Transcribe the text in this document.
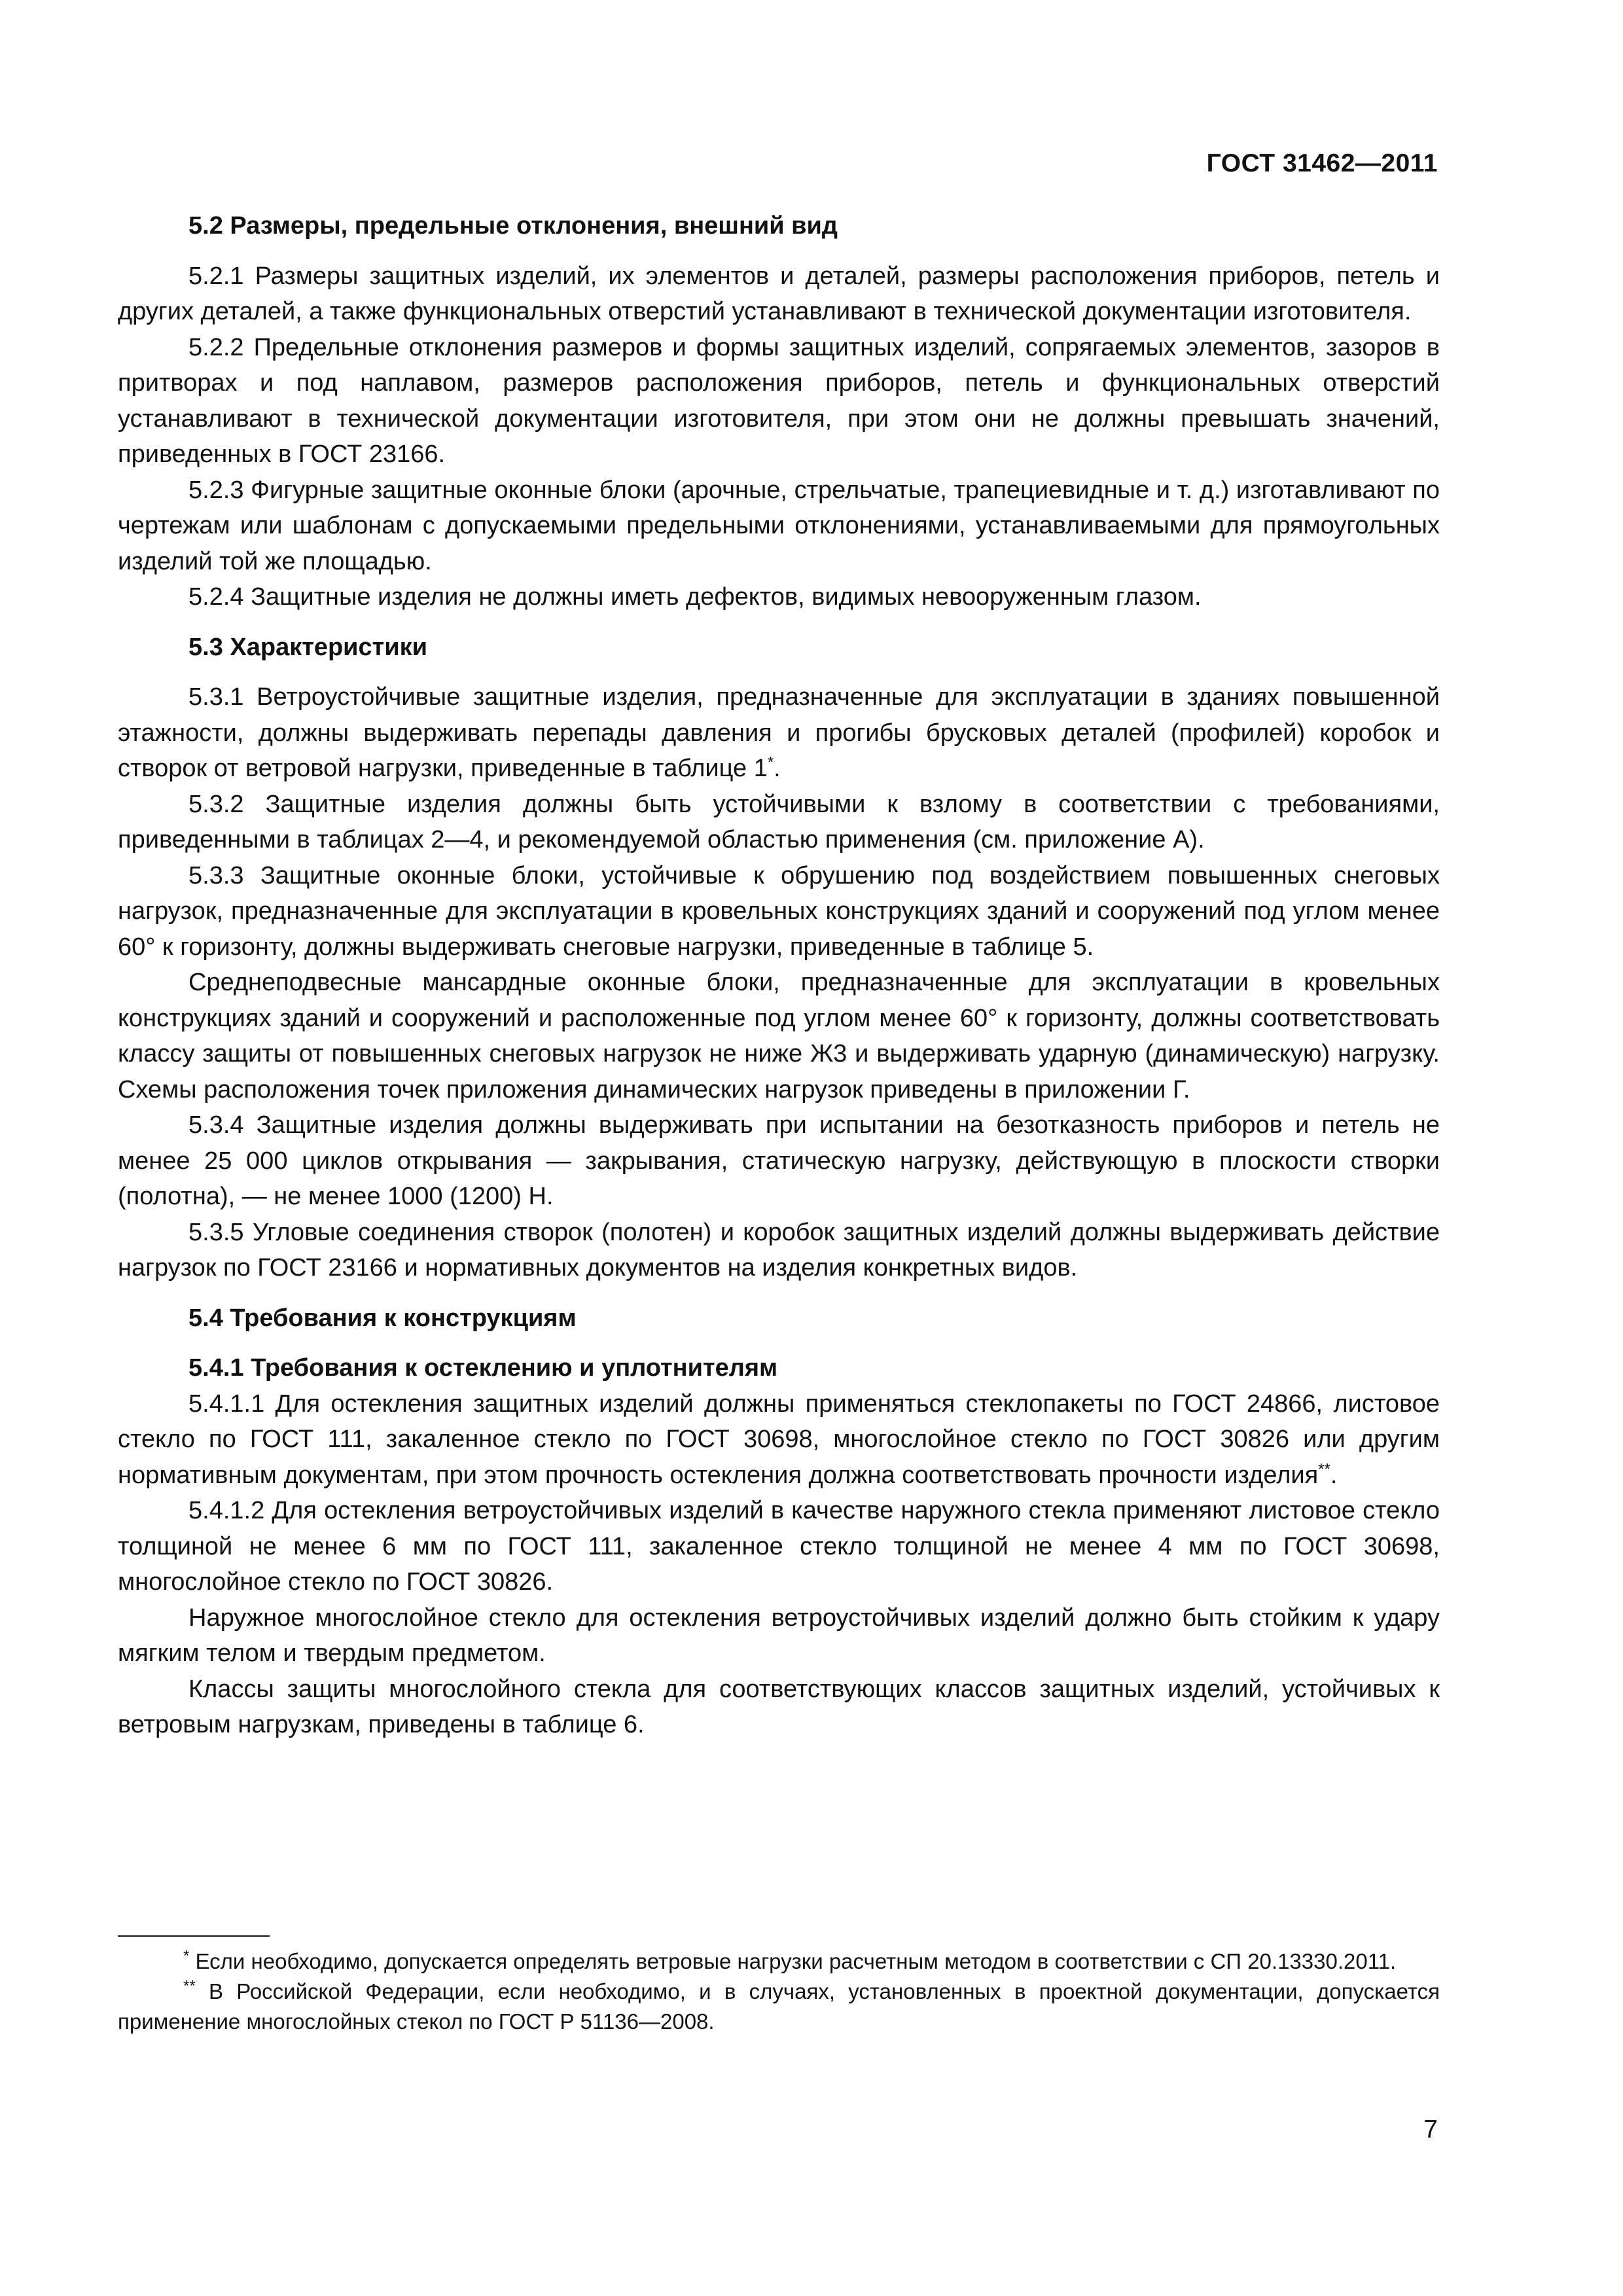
ГОСТ 31462—2011
5.2 Размеры, предельные отклонения, внешний вид

5.2.1 Размеры защитных изделий, их элементов и деталей, размеры расположения приборов, петель и других деталей, а также функциональных отверстий устанавливают в технической документации изготовителя.

5.2.2 Предельные отклонения размеров и формы защитных изделий, сопрягаемых элементов, зазоров в притворах и под наплавом, размеров расположения приборов, петель и функциональных отверстий устанавливают в технической документации изготовителя, при этом они не должны превышать значений, приведенных в ГОСТ 23166.

5.2.3 Фигурные защитные оконные блоки (арочные, стрельчатые, трапециевидные и т. д.) изготавливают по чертежам или шаблонам с допускаемыми предельными отклонениями, устанавливаемыми для прямоугольных изделий той же площадью.

5.2.4 Защитные изделия не должны иметь дефектов, видимых невооруженным глазом.

5.3 Характеристики

5.3.1 Ветроустойчивые защитные изделия, предназначенные для эксплуатации в зданиях повышенной этажности, должны выдерживать перепады давления и прогибы брусковых деталей (профилей) коробок и створок от ветровой нагрузки, приведенные в таблице 1*.

5.3.2 Защитные изделия должны быть устойчивыми к взлому в соответствии с требованиями, приведенными в таблицах 2—4, и рекомендуемой областью применения (см. приложение А).

5.3.3 Защитные оконные блоки, устойчивые к обрушению под воздействием повышенных снеговых нагрузок, предназначенные для эксплуатации в кровельных конструкциях зданий и сооружений под углом менее 60° к горизонту, должны выдерживать снеговые нагрузки, приведенные в таблице 5.

Среднеподвесные мансардные оконные блоки, предназначенные для эксплуатации в кровельных конструкциях зданий и сооружений и расположенные под углом менее 60° к горизонту, должны соответствовать классу защиты от повышенных снеговых нагрузок не ниже Ж3 и выдерживать ударную (динамическую) нагрузку. Схемы расположения точек приложения динамических нагрузок приведены в приложении Г.

5.3.4 Защитные изделия должны выдерживать при испытании на безотказность приборов и петель не менее 25 000 циклов открывания — закрывания, статическую нагрузку, действующую в плоскости створки (полотна), — не менее 1000 (1200) Н.

5.3.5 Угловые соединения створок (полотен) и коробок защитных изделий должны выдерживать действие нагрузок по ГОСТ 23166 и нормативных документов на изделия конкретных видов.

5.4 Требования к конструкциям
5.4.1 Требования к остеклению и уплотнителям

5.4.1.1 Для остекления защитных изделий должны применяться стеклопакеты по ГОСТ 24866, листовое стекло по ГОСТ 111, закаленное стекло по ГОСТ 30698, многослойное стекло по ГОСТ 30826 или другим нормативным документам, при этом прочность остекления должна соответствовать прочности изделия**.

5.4.1.2 Для остекления ветроустойчивых изделий в качестве наружного стекла применяют листовое стекло толщиной не менее 6 мм по ГОСТ 111, закаленное стекло толщиной не менее 4 мм по ГОСТ 30698, многослойное стекло по ГОСТ 30826.

Наружное многослойное стекло для остекления ветроустойчивых изделий должно быть стойким к удару мягким телом и твердым предметом.

Классы защиты многослойного стекла для соответствующих классов защитных изделий, устойчивых к ветровым нагрузкам, приведены в таблице 6.

* Если необходимо, допускается определять ветровые нагрузки расчетным методом в соответствии с СП 20.13330.2011.

** В Российской Федерации, если необходимо, и в случаях, установленных в проектной документации, допускается применение многослойных стекол по ГОСТ Р 51136—2008.

7
